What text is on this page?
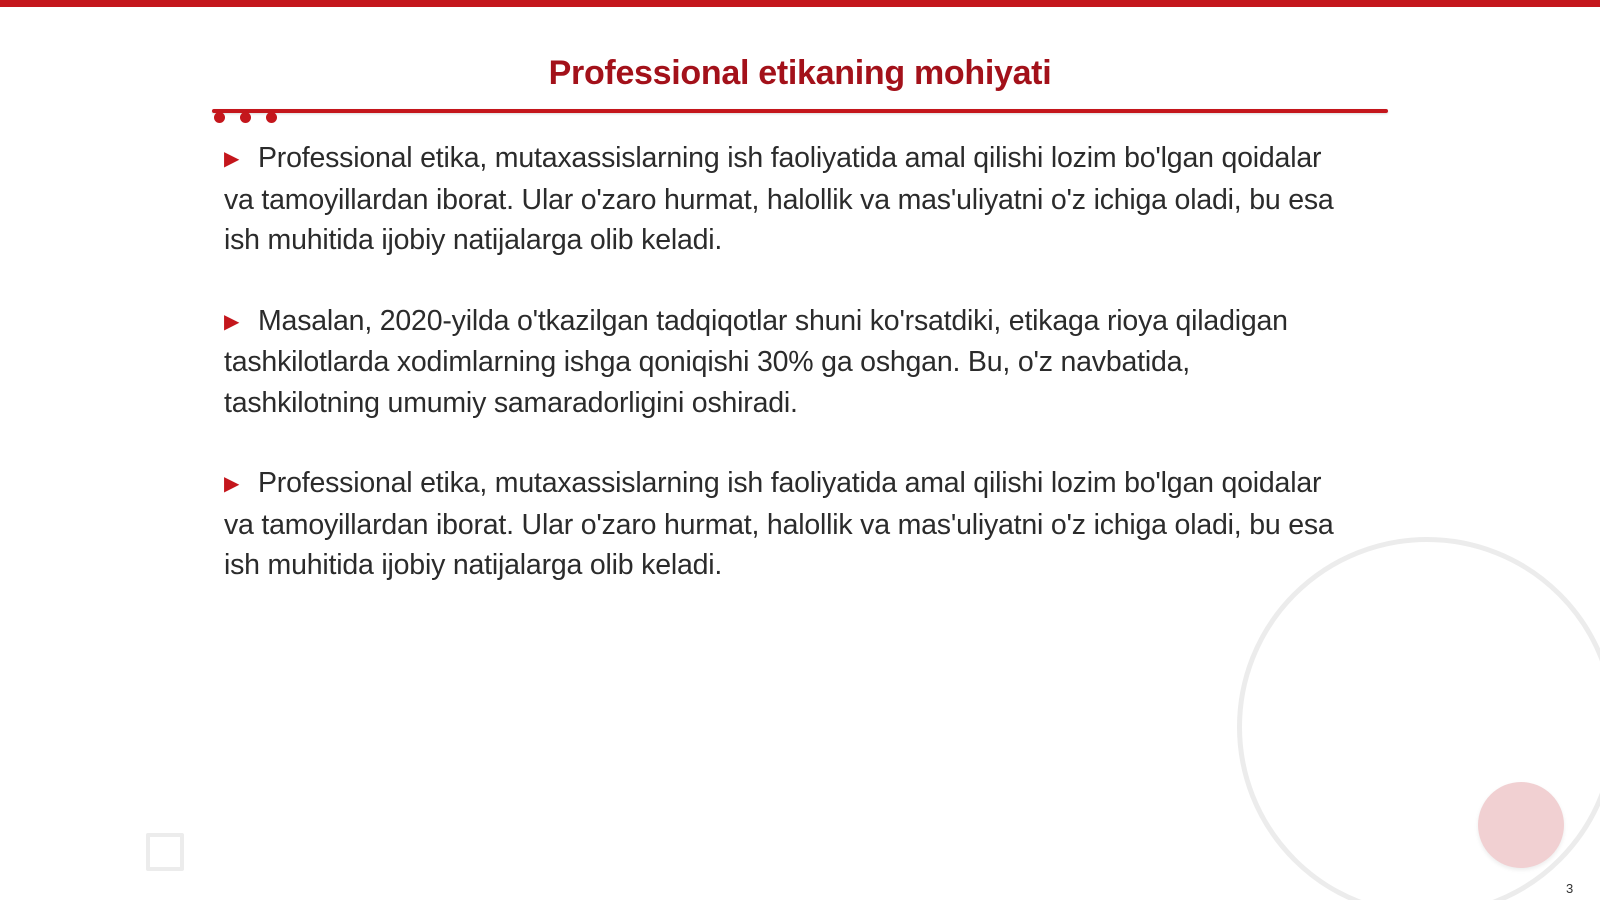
Professional etikaning mohiyati

▶ Professional etika, mutaxassislarning ish faoliyatida amal qilishi lozim bo'lgan qoidalar va tamoyillardan iborat. Ular o'zaro hurmat, halollik va mas'uliyatni o'z ichiga oladi, bu esa ish muhitida ijobiy natijalarga olib keladi.

▶ Masalan, 2020-yilda o'tkazilgan tadqiqotlar shuni ko'rsatdiki, etikaga rioya qiladigan tashkilotlarda xodimlarning ishga qoniqishi 30% ga oshgan. Bu, o'z navbatida, tashkilotning umumiy samaradorligini oshiradi.

▶ Professional etika, mutaxassislarning ish faoliyatida amal qilishi lozim bo'lgan qoidalar va tamoyillardan iborat. Ular o'zaro hurmat, halollik va mas'uliyatni o'z ichiga oladi, bu esa ish muhitida ijobiy natijalarga olib keladi.

3
